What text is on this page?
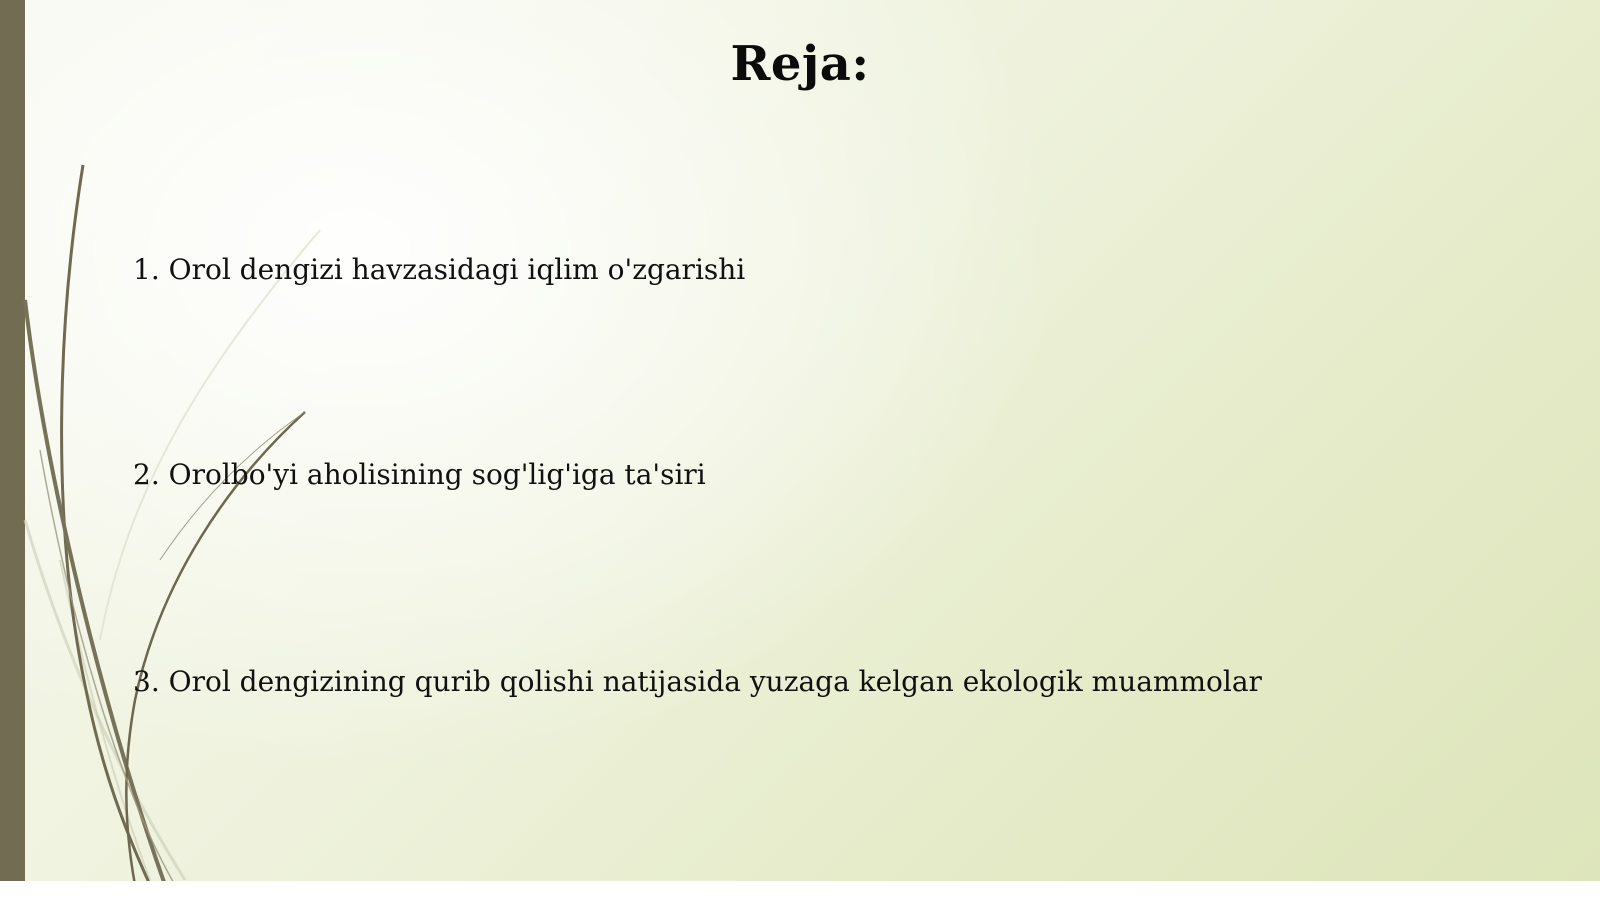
Reja:
1. Orol dengizi havzasidagi iqlim o'zgarishi
2. Orolbo'yi aholisining sog'lig'iga ta'siri
3. Orol dengizining qurib qolishi natijasida yuzaga kelgan ekologik muammolar
